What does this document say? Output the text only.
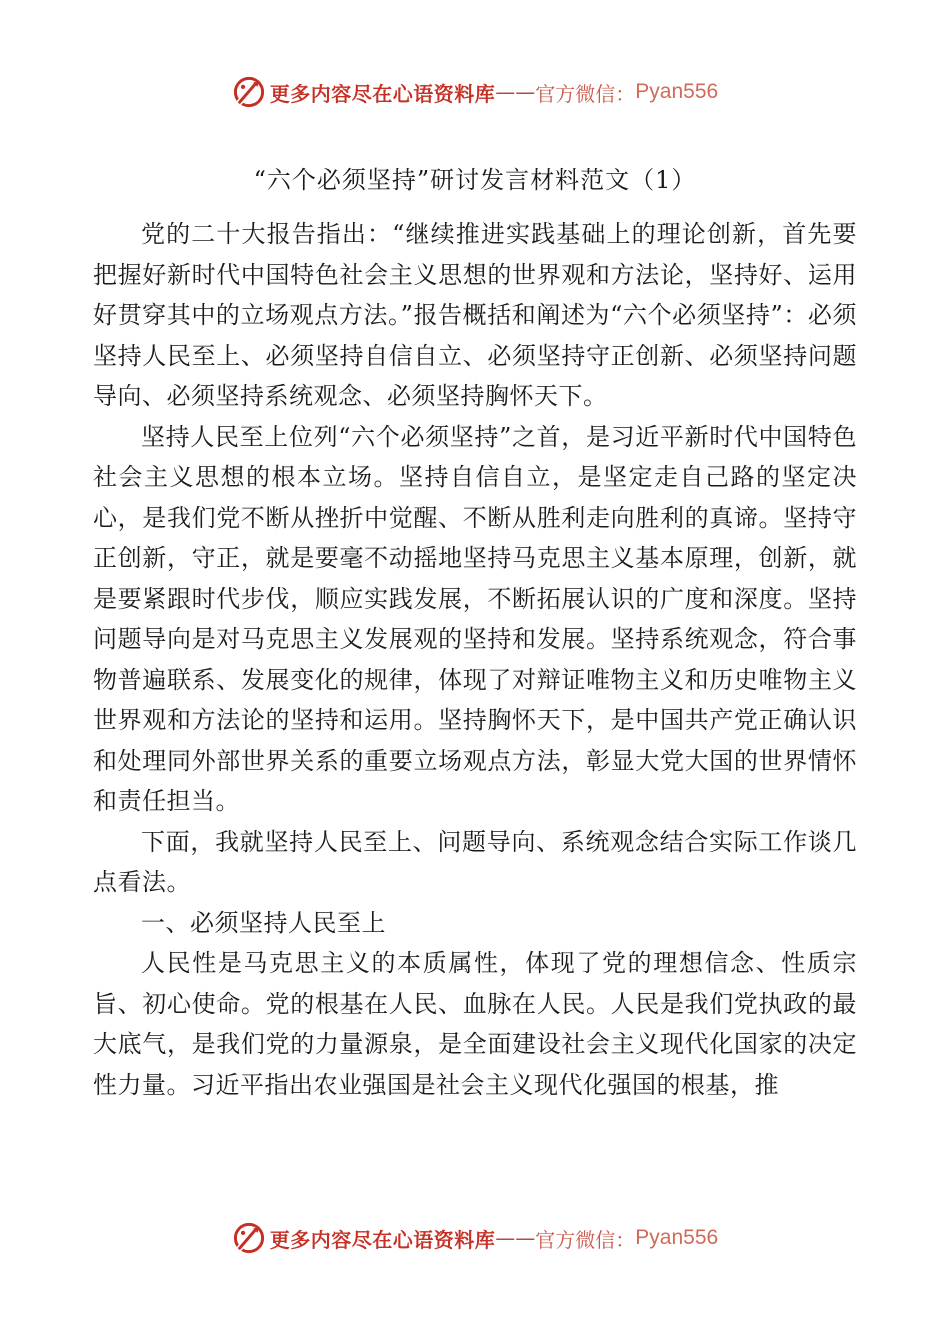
更多内容尽在心语资料库 —— 官方微信： Pyan556
“六个必须坚持”研讨发言材料范文（1）

党的二十大报告指出：“继续推进实践基础上的理论创新，首先要把握好新时代中国特色社会主义思想的世界观和方法论，坚持好、运用好贯穿其中的立场观点方法。”报告概括和阐述为“六个必须坚持”：必须坚持人民至上、必须坚持自信自立、必须坚持守正创新、必须坚持问题导向、必须坚持系统观念、必须坚持胸怀天下。

坚持人民至上位列“六个必须坚持”之首，是习近平新时代中国特色社会主义思想的根本立场。坚持自信自立，是坚定走自己路的坚定决心，是我们党不断从挫折中觉醒、不断从胜利走向胜利的真谛。坚持守正创新，守正，就是要毫不动摇地坚持马克思主义基本原理，创新，就是要紧跟时代步伐，顺应实践发展，不断拓展认识的广度和深度。坚持问题导向是对马克思主义发展观的坚持和发展。坚持系统观念，符合事物普遍联系、发展变化的规律，体现了对辩证唯物主义和历史唯物主义世界观和方法论的坚持和运用。坚持胸怀天下，是中国共产党正确认识和处理同外部世界关系的重要立场观点方法，彰显大党大国的世界情怀和责任担当。

下面，我就坚持人民至上、问题导向、系统观念结合实际工作谈几点看法。

一、必须坚持人民至上

人民性是马克思主义的本质属性，体现了党的理想信念、性质宗旨、初心使命。党的根基在人民、血脉在人民。人民是我们党执政的最大底气，是我们党的力量源泉，是全面建设社会主义现代化国家的决定性力量。习近平指出农业强国是社会主义现代化强国的根基，推

更多内容尽在心语资料库 —— 官方微信： Pyan556
